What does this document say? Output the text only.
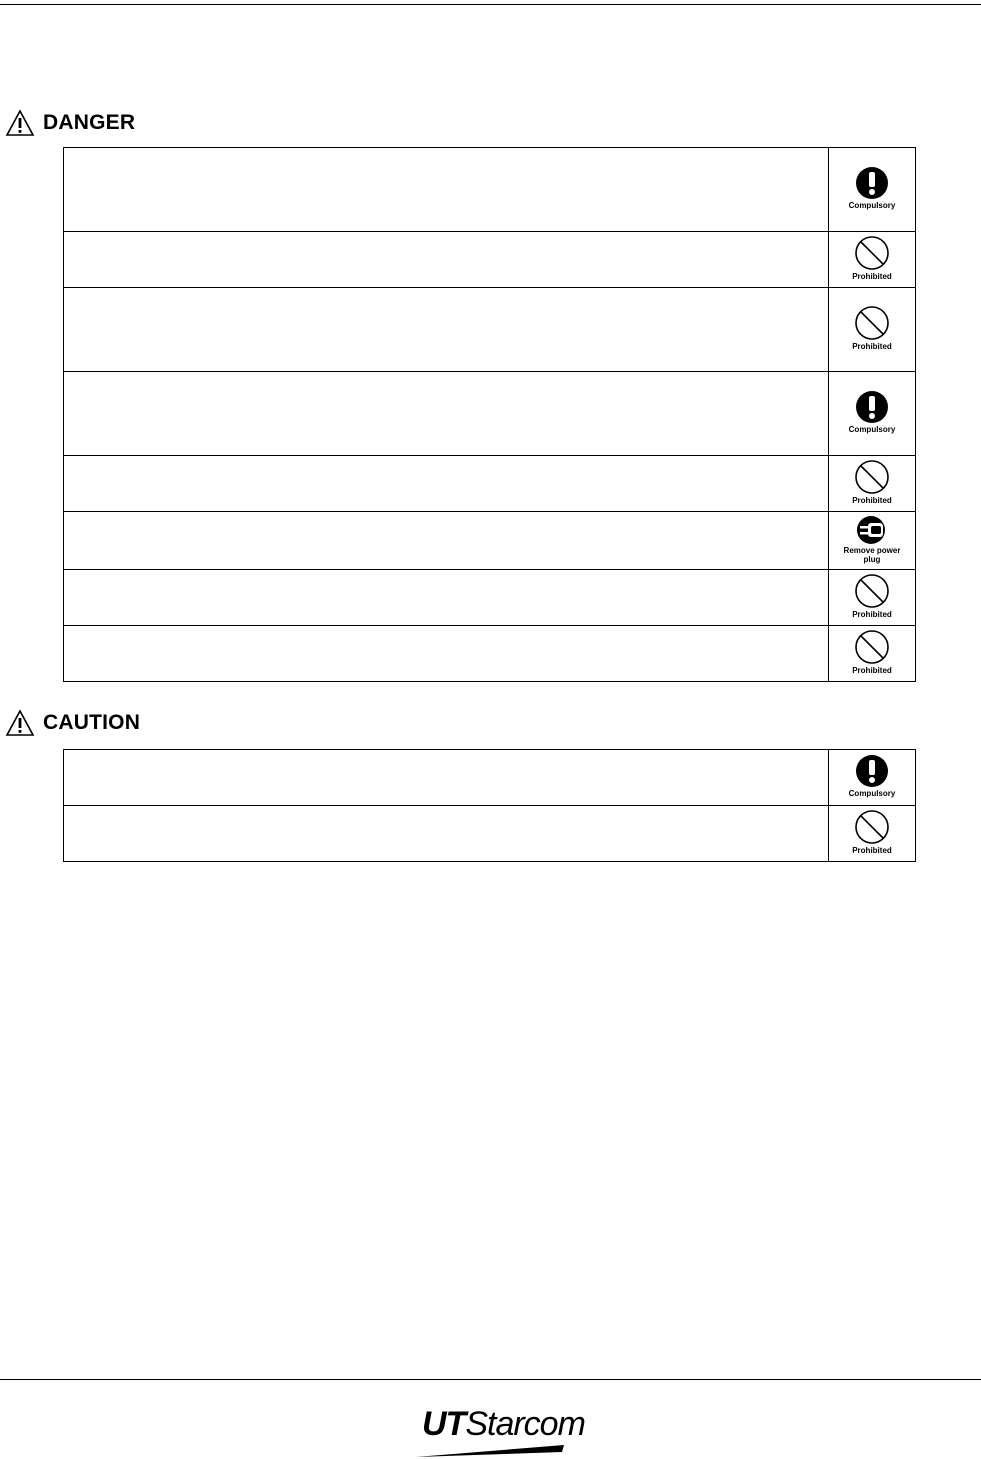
DANGER

	Compulsory

	Prohibited

	Prohibited

	Compulsory

	Prohibited

	Remove power plug

	Prohibited

	Prohibited
CAUTION

	Compulsory

	Prohibited
UTStarcom
